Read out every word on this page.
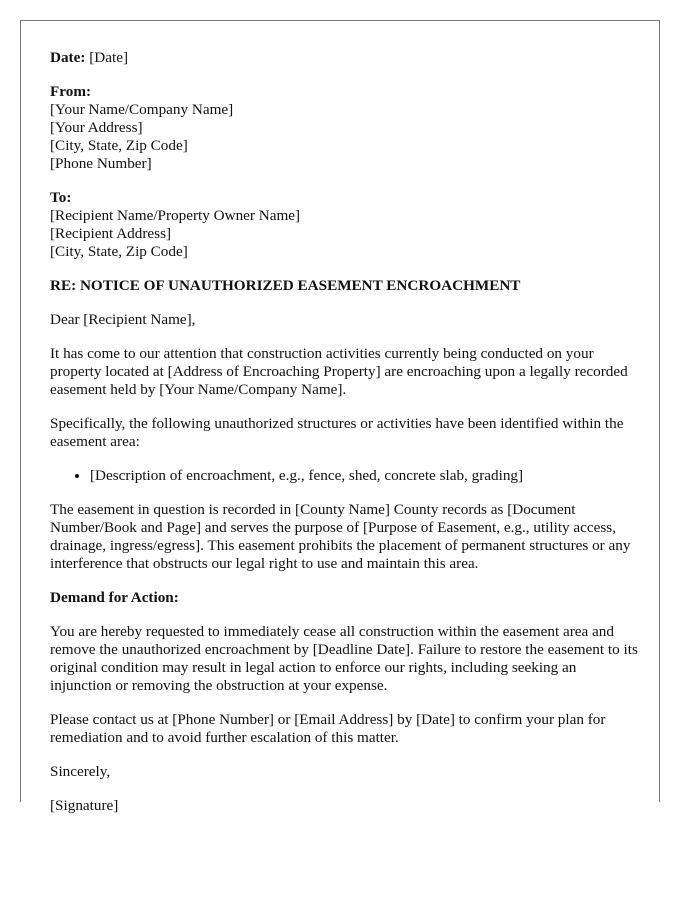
Date: [Date]
From:
[Your Name/Company Name]
[Your Address]
[City, State, Zip Code]
[Phone Number]
To:
[Recipient Name/Property Owner Name]
[Recipient Address]
[City, State, Zip Code]
RE: NOTICE OF UNAUTHORIZED EASEMENT ENCROACHMENT

Dear [Recipient Name],

It has come to our attention that construction activities currently being conducted on your property located at [Address of Encroaching Property] are encroaching upon a legally recorded easement held by [Your Name/Company Name].

Specifically, the following unauthorized structures or activities have been identified within the easement area:

• [Description of encroachment, e.g., fence, shed, concrete slab, grading]

The easement in question is recorded in [County Name] County records as [Document Number/Book and Page] and serves the purpose of [Purpose of Easement, e.g., utility access, drainage, ingress/egress]. This easement prohibits the placement of permanent structures or any interference that obstructs our legal right to use and maintain this area.

Demand for Action:

You are hereby requested to immediately cease all construction within the easement area and remove the unauthorized encroachment by [Deadline Date]. Failure to restore the easement to its original condition may result in legal action to enforce our rights, including seeking an injunction or removing the obstruction at your expense.

Please contact us at [Phone Number] or [Email Address] by [Date] to confirm your plan for remediation and to avoid further escalation of this matter.

Sincerely,

[Signature]
